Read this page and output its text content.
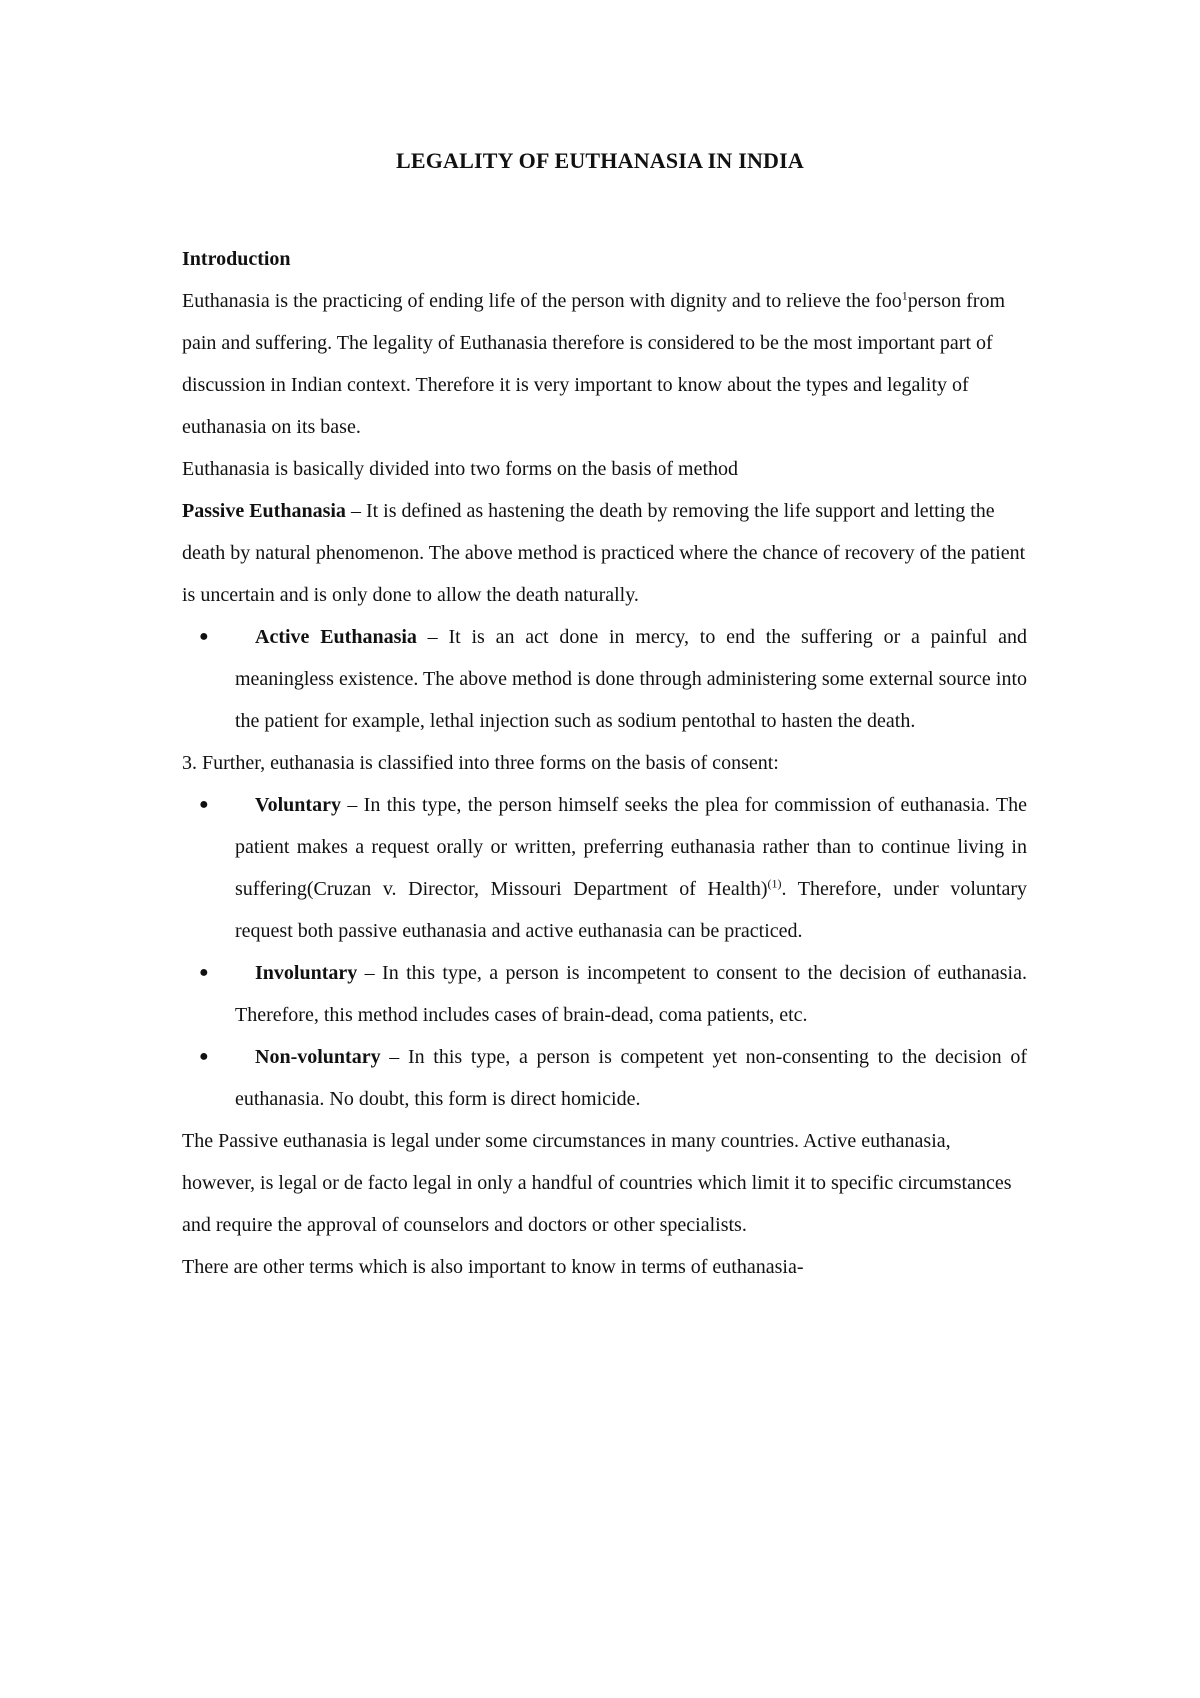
LEGALITY OF EUTHANASIA IN INDIA

Introduction

Euthanasia is the practicing of ending life of the person with dignity and to relieve the foo$^1$person from pain and suffering. The legality of Euthanasia therefore is considered to be the most important part of discussion in Indian context. Therefore it is very important to know about the types and legality of euthanasia on its base.

Euthanasia is basically divided into two forms on the basis of method

Passive Euthanasia – It is defined as hastening the death by removing the life support and letting the death by natural phenomenon. The above method is practiced where the chance of recovery of the patient is uncertain and is only done to allow the death naturally.

●	Active Euthanasia – It is an act done in mercy, to end the suffering or a painful and meaningless existence. The above method is done through administering some external source into the patient for example, lethal injection such as sodium pentothal to hasten the death.

3. Further, euthanasia is classified into three forms on the basis of consent:

●	Voluntary – In this type, the person himself seeks the plea for commission of euthanasia. The patient makes a request orally or written, preferring euthanasia rather than to continue living in suffering(Cruzan v. Director, Missouri Department of Health)$^{(1)}$. Therefore, under voluntary request both passive euthanasia and active euthanasia can be practiced.
●	Involuntary – In this type, a person is incompetent to consent to the decision of euthanasia. Therefore, this method includes cases of brain-dead, coma patients, etc.
●	Non-voluntary – In this type, a person is competent yet non-consenting to the decision of euthanasia. No doubt, this form is direct homicide.

The Passive euthanasia is legal under some circumstances in many countries. Active euthanasia, however, is legal or de facto legal in only a handful of countries which limit it to specific circumstances and require the approval of counselors and doctors or other specialists.

There are other terms which is also important to know in terms of euthanasia-
